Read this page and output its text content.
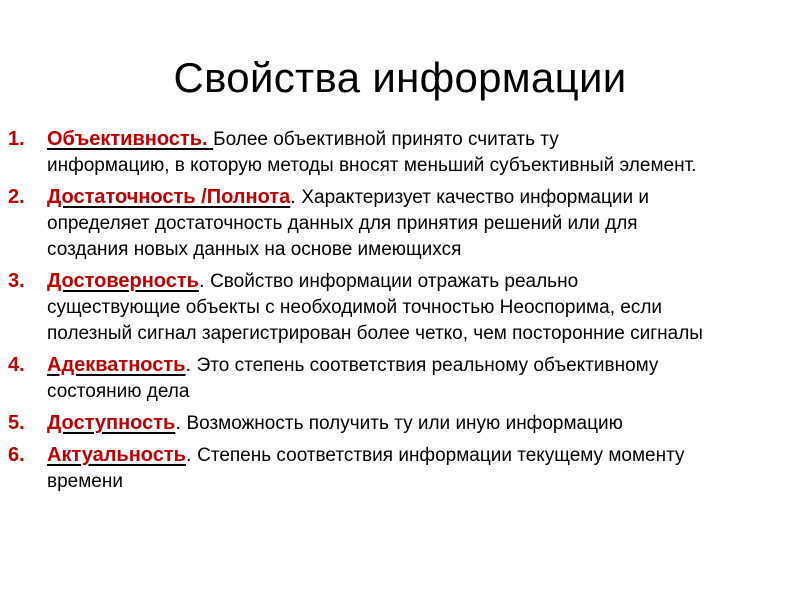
Свойства информации
1. Объективность. Более объективной принято считать ту
информацию, в которую методы вносят меньший субъективный элемент.
2. Достаточность /Полнота. Характеризует качество информации и
определяет достаточность данных для принятия решений или для
создания новых данных на основе имеющихся
3. Достоверность. Свойство информации отражать реально
существующие объекты с необходимой точностью Неоспорима, если
полезный сигнал зарегистрирован более четко, чем посторонние сигналы
4. Адекватность. Это степень соответствия реальному объективному
состоянию дела
5. Доступность. Возможность получить ту или иную информацию
6. Актуальность. Степень соответствия информации текущему моменту
времени
